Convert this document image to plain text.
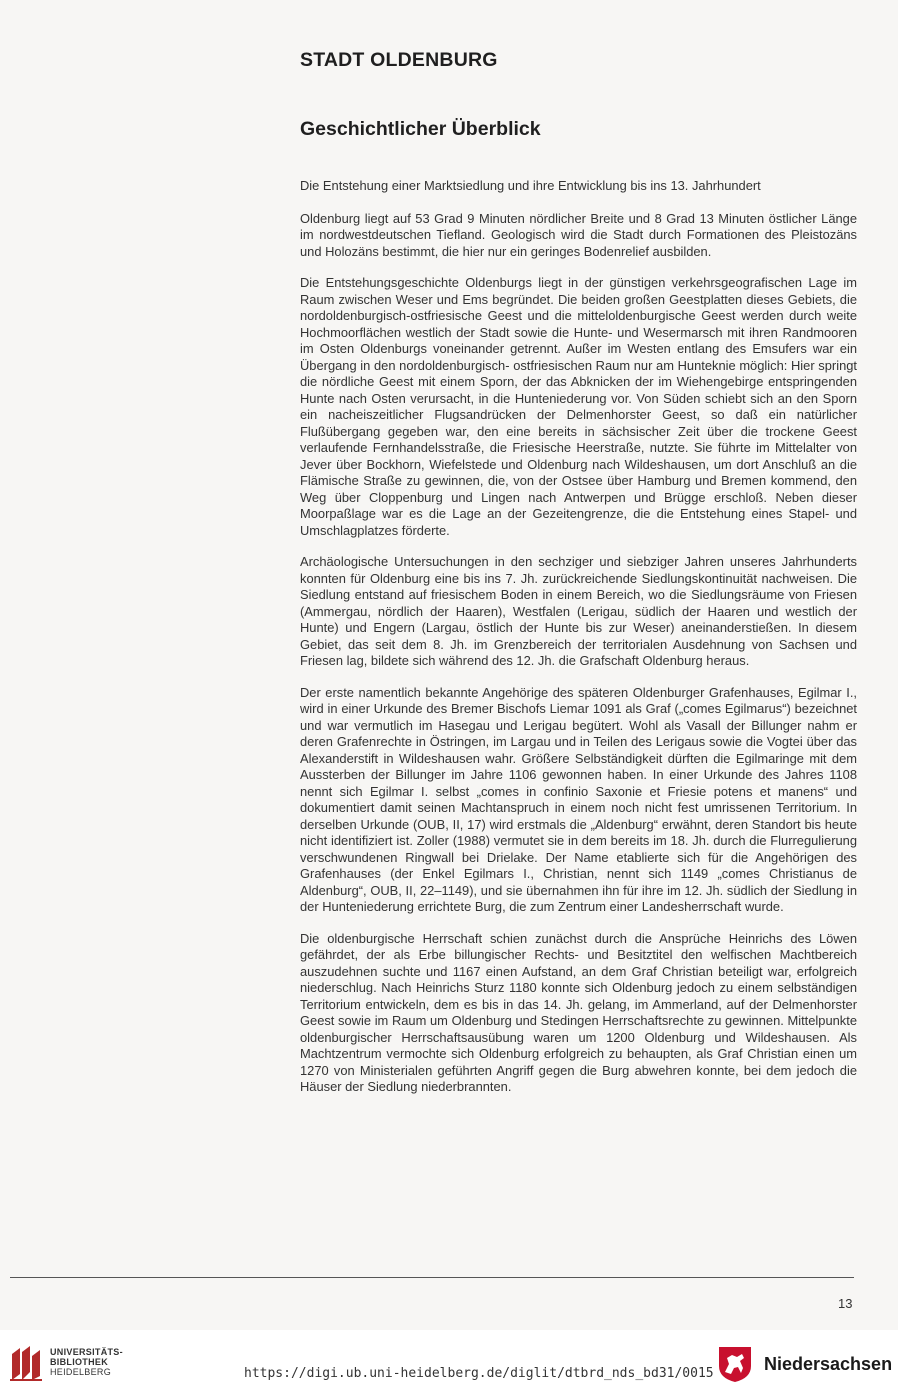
STADT OLDENBURG
Geschichtlicher Überblick

Die Entstehung einer Marktsiedlung und ihre Entwicklung bis ins 13. Jahrhundert

Oldenburg liegt auf 53 Grad 9 Minuten nördlicher Breite und 8 Grad 13 Minuten östlicher Länge im nordwestdeutschen Tiefland. Geologisch wird die Stadt durch Formationen des Pleistozäns und Holozäns bestimmt, die hier nur ein geringes Bodenrelief ausbilden.

Die Entstehungsgeschichte Oldenburgs liegt in der günstigen verkehrsgeografischen Lage im Raum zwischen Weser und Ems begründet. Die beiden großen Geestplatten dieses Gebiets, die nordoldenburgisch-ostfriesische Geest und die mitteloldenburgische Geest werden durch weite Hochmoorflächen westlich der Stadt sowie die Hunte- und Wesermarsch mit ihren Randmooren im Osten Oldenburgs voneinander getrennt. Außer im Westen entlang des Emsufers war ein Übergang in den nordoldenburgisch- ostfriesischen Raum nur am Hunteknie möglich: Hier springt die nördliche Geest mit einem Sporn, der das Abknicken der im Wiehengebirge entspringenden Hunte nach Osten verursacht, in die Hunteniederung vor. Von Süden schiebt sich an den Sporn ein nacheiszeitlicher Flugsandrücken der Delmenhorster Geest, so daß ein natürlicher Flußübergang gegeben war, den eine bereits in sächsischer Zeit über die trockene Geest verlaufende Fernhandelsstraße, die Friesische Heerstraße, nutzte. Sie führte im Mittelalter von Jever über Bockhorn, Wiefelstede und Oldenburg nach Wildeshausen, um dort Anschluß an die Flämische Straße zu gewinnen, die, von der Ostsee über Hamburg und Bremen kommend, den Weg über Cloppenburg und Lingen nach Antwerpen und Brügge erschloß. Neben dieser Moorpaßlage war es die Lage an der Gezeitengrenze, die die Entstehung eines Stapel- und Umschlagplatzes förderte.

Archäologische Untersuchungen in den sechziger und siebziger Jahren unseres Jahrhunderts konnten für Oldenburg eine bis ins 7. Jh. zurückreichende Siedlungskontinuität nachweisen. Die Siedlung entstand auf friesischem Boden in einem Bereich, wo die Siedlungsräume von Friesen (Ammergau, nördlich der Haaren), Westfalen (Lerigau, südlich der Haaren und westlich der Hunte) und Engern (Largau, östlich der Hunte bis zur Weser) aneinanderstießen. In diesem Gebiet, das seit dem 8. Jh. im Grenzbereich der territorialen Ausdehnung von Sachsen und Friesen lag, bildete sich während des 12. Jh. die Grafschaft Oldenburg heraus.

Der erste namentlich bekannte Angehörige des späteren Oldenburger Grafenhauses, Egilmar I., wird in einer Urkunde des Bremer Bischofs Liemar 1091 als Graf („comes Egilmarus“) bezeichnet und war vermutlich im Hasegau und Lerigau begütert. Wohl als Vasall der Billunger nahm er deren Grafenrechte in Östringen, im Largau und in Teilen des Lerigaus sowie die Vogtei über das Alexanderstift in Wildeshausen wahr. Größere Selbständigkeit dürften die Egilmaringe mit dem Aussterben der Billunger im Jahre 1106 gewonnen haben. In einer Urkunde des Jahres 1108 nennt sich Egilmar I. selbst „comes in confinio Saxonie et Friesie potens et manens“ und dokumentiert damit seinen Machtanspruch in einem noch nicht fest umrissenen Territorium. In derselben Urkunde (OUB, II, 17) wird erstmals die „Aldenburg“ erwähnt, deren Standort bis heute nicht identifiziert ist. Zoller (1988) vermutet sie in dem bereits im 18. Jh. durch die Flurregulierung verschwundenen Ringwall bei Drielake. Der Name etablierte sich für die Angehörigen des Grafenhauses (der Enkel Egilmars I., Christian, nennt sich 1149 „comes Christianus de Aldenburg“, OUB, II, 22–1149), und sie übernahmen ihn für ihre im 12. Jh. südlich der Siedlung in der Hunteniederung errichtete Burg, die zum Zentrum einer Landesherrschaft wurde.

Die oldenburgische Herrschaft schien zunächst durch die Ansprüche Heinrichs des Löwen gefährdet, der als Erbe billungischer Rechts- und Besitztitel den welfischen Machtbereich auszudehnen suchte und 1167 einen Aufstand, an dem Graf Christian beteiligt war, erfolgreich niederschlug. Nach Heinrichs Sturz 1180 konnte sich Oldenburg jedoch zu einem selbständigen Territorium entwickeln, dem es bis in das 14. Jh. gelang, im Ammerland, auf der Delmenhorster Geest sowie im Raum um Oldenburg und Stedingen Herrschaftsrechte zu gewinnen. Mittelpunkte oldenburgischer Herrschaftsausübung waren um 1200 Oldenburg und Wildeshausen. Als Machtzentrum vermochte sich Oldenburg erfolgreich zu behaupten, als Graf Christian einen um 1270 von Ministerialen geführten Angriff gegen die Burg abwehren konnte, bei dem jedoch die Häuser der Siedlung niederbrannten.

13
UNIVERSITÄTS-
BIBLIOTHEK
HEIDELBERG	https://digi.ub.uni-heidelberg.de/diglit/dtbrd_nds_bd31/0015	Niedersachsen
